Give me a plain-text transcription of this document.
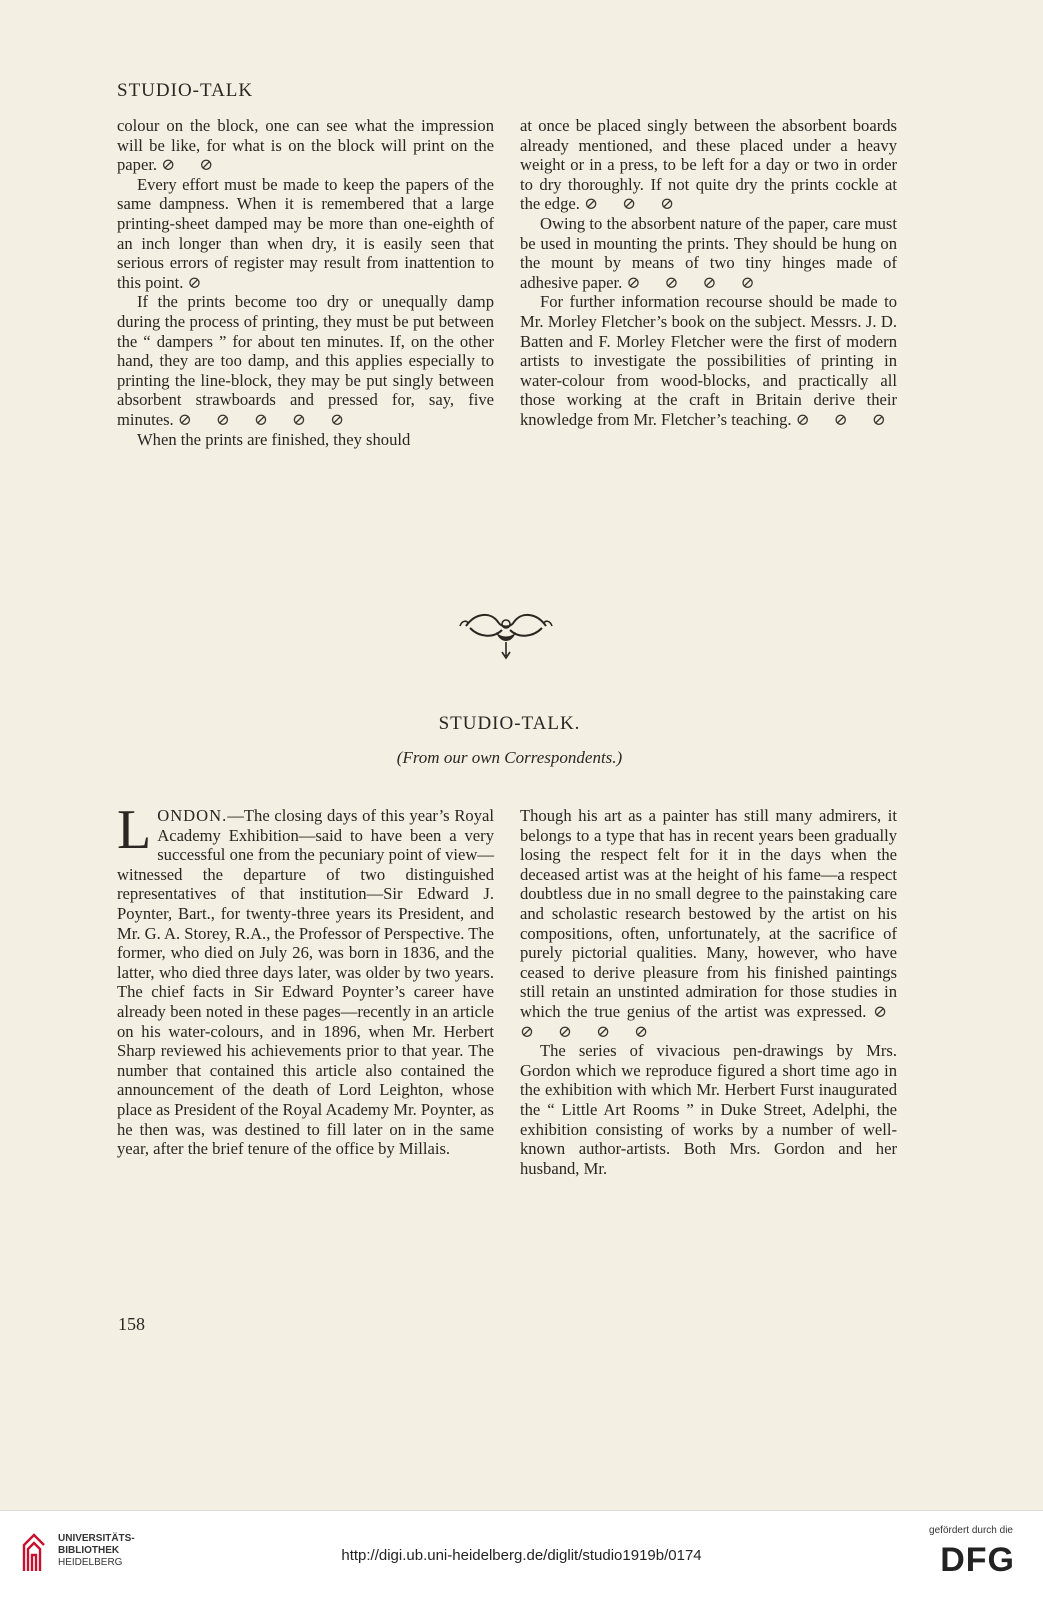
STUDIO-TALK

colour on the block, one can see what the impression will be like, for what is on the block will print on the paper. ⊘ ⊘

Every effort must be made to keep the papers of the same dampness. When it is remembered that a large printing-sheet damped may be more than one-eighth of an inch longer than when dry, it is easily seen that serious errors of register may result from inattention to this point. ⊘

If the prints become too dry or unequally damp during the process of printing, they must be put between the “ dampers ” for about ten minutes. If, on the other hand, they are too damp, and this applies especially to printing the line-block, they may be put singly between absorbent strawboards and pressed for, say, five minutes. ⊘ ⊘ ⊘ ⊘ ⊘

When the prints are finished, they should

at once be placed singly between the absorbent boards already mentioned, and these placed under a heavy weight or in a press, to be left for a day or two in order to dry thoroughly. If not quite dry the prints cockle at the edge. ⊘ ⊘ ⊘

Owing to the absorbent nature of the paper, care must be used in mounting the prints. They should be hung on the mount by means of two tiny hinges made of adhesive paper. ⊘ ⊘ ⊘ ⊘

For further information recourse should be made to Mr. Morley Fletcher’s book on the subject. Messrs. J. D. Batten and F. Morley Fletcher were the first of modern artists to investigate the possibilities of printing in water-colour from wood-blocks, and practically all those working at the craft in Britain derive their knowledge from Mr. Fletcher’s teaching. ⊘ ⊘ ⊘

STUDIO-TALK.
(From our own Correspondents.)

LONDON.—The closing days of this year’s Royal Academy Exhibition—said to have been a very successful one from the pecuniary point of view—witnessed the departure of two distinguished representatives of that institution—Sir Edward J. Poynter, Bart., for twenty-three years its President, and Mr. G. A. Storey, R.A., the Professor of Perspective. The former, who died on July 26, was born in 1836, and the latter, who died three days later, was older by two years. The chief facts in Sir Edward Poynter’s career have already been noted in these pages—recently in an article on his water-colours, and in 1896, when Mr. Herbert Sharp reviewed his achievements prior to that year. The number that contained this article also contained the announcement of the death of Lord Leighton, whose place as President of the Royal Academy Mr. Poynter, as he then was, was destined to fill later on in the same year, after the brief tenure of the office by Millais.

Though his art as a painter has still many admirers, it belongs to a type that has in recent years been gradually losing the respect felt for it in the days when the deceased artist was at the height of his fame—a respect doubtless due in no small degree to the painstaking care and scholastic research bestowed by the artist on his compositions, often, unfortunately, at the sacrifice of purely pictorial qualities. Many, however, who have ceased to derive pleasure from his finished paintings still retain an unstinted admiration for those studies in which the true genius of the artist was expressed. ⊘ ⊘ ⊘ ⊘ ⊘

The series of vivacious pen-drawings by Mrs. Gordon which we reproduce figured a short time ago in the exhibition with which Mr. Herbert Furst inaugurated the “ Little Art Rooms ” in Duke Street, Adelphi, the exhibition consisting of works by a number of well-known author-artists. Both Mrs. Gordon and her husband, Mr.

158
UNIVERSITÄTS-
BIBLIOTHEK
HEIDELBERG	http://digi.ub.uni-heidelberg.de/diglit/studio1919b/0174
gefördert durch die
DFG
